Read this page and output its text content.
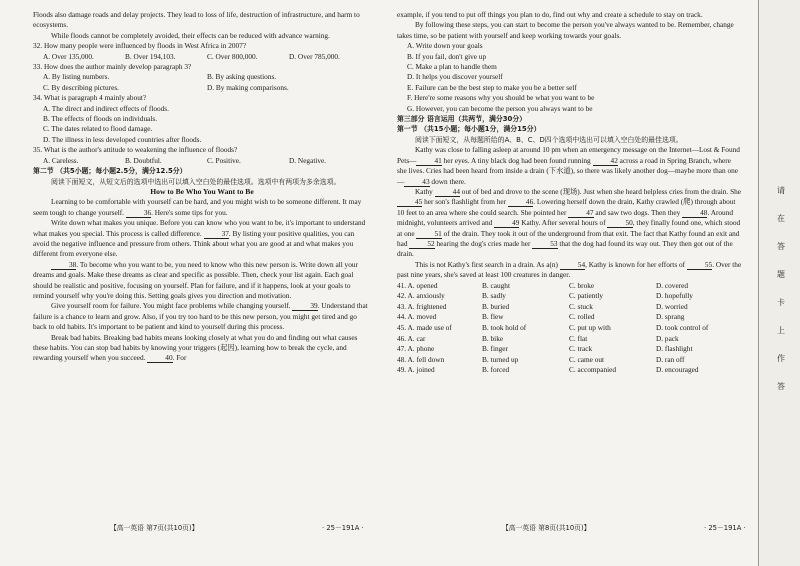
Floods also damage roads and delay projects. They lead to loss of life, destruction of infrastructure, and harm to ecosystems.

While floods cannot be completely avoided, their effects can be reduced with advance warning.

32. How many people were influenced by floods in West Africa in 2007?

A. Over 135,000.	B. Over 194,103.	C. Over 800,000.	D. Over 785,000.

33. How does the author mainly develop paragraph 3?

A. By listing numbers.	B. By asking questions.
C. By describing pictures.	D. By making comparisons.

34. What is paragraph 4 mainly about?

A. The direct and indirect effects of floods.

B. The effects of floods on individuals.

C. The dates related to flood damage.

D. The illness in less developed countries after floods.

35. What is the author's attitude to weakening the influence of floods?

A. Careless.	B. Doubtful.	C. Positive.	D. Negative.

第二节 （共5小题；每小题2.5分，满分12.5分）

阅读下面短文，从短文后的选项中选出可以填入空白处的最佳选项。选项中有两项为多余选项。

How to Be Who You Want to Be

Learning to be comfortable with yourself can be hard, and you might wish to be someone different. It may seem tough to change yourself.	36. Here's some tips for you.

Write down what makes you unique. Before you can know who you want to be, it's important to understand what makes you special. This process is called difference.	37. By listing your positive qualities, you can avoid the negative influence and pressure from others. Think about what you are good at and what makes you different from everyone else.

38. To become who you want to be, you need to know who this new person is. Write down all your dreams and goals. Make these dreams as clear and specific as possible. Then, check your list again. Each goal should be realistic and positive, focusing on yourself. Plan for failure, and if it happens, look at your goals to remind yourself why you're doing this. Setting goals gives you direction and motivation.

Give yourself room for failure. You might face problems while changing yourself.	39. Understand that failure is a chance to learn and grow. Also, if you try too hard to be this new person, you might get tired and go back to old habits. It's important to be patient and kind to yourself during this process.

Break bad habits. Breaking bad habits means looking closely at what you do and finding out what causes these habits. You can stop bad habits by knowing your triggers (起因), learning how to break the cycle, and rewarding yourself when you succeed.	40. For

【高一英语 第7页(共10页)】	· 25－191A ·

example, if you tend to put off things you plan to do, find out why and create a schedule to stay on track.

By following these steps, you can start to become the person you've always wanted to be. Remember, change takes time, so be patient with yourself and keep working towards your goals.

A. Write down your goals

B. If you fail, don't give up

C. Make a plan to handle them

D. It helps you discover yourself

E. Failure can be the best step to make you be a better self

F. Here're some reasons why you should be what you want to be

G. However, you can become the person you always want to be

第三部分 语言运用（共两节，满分30分）

第一节 （共15小题；每小题1分，满分15分）

阅读下面短文，从每题所给的A、B、C、D四个选项中选出可以填入空白处的最佳选项。

Kathy was close to falling asleep at around 10 pm when an emergency message on the Internet—Lost & Found Pets— 41 her eyes. A tiny black dog had been found running	42 across a road in Spring Branch, where she lives. Cries had been heard from inside a drain (下水道), so there was likely another dog—maybe more than one— 43 down there.

Kathy	44 out of bed and drove to the scene (现场). Just when she heard helpless cries from the drain. She 45 her son's flashlight from her	46. Lowering herself down the drain, Kathy crawled (爬) through about 10 feet to an area where she could search. She pointed her	47 and saw two dogs. Then they	48. Around midnight, volunteers arrived and	49 Kathy. After several hours of	50, they finally found one, which stood at one	51 of the drain. They took it out of the underground from that exit. The fact that Kathy found an exit and had	52 hearing the dog's cries made her	53 that the dog had found its way out. They then got out of the drain.

This is not Kathy's first search in a drain. As a(n)	54, Kathy is known for her efforts of	55. Over the past nine years, she's saved at least 100 creatures in danger.

41. A. opened	B. caught	C. broke	D. covered
42. A. anxiously	B. sadly	C. patiently	D. hopefully
43. A. frightened	B. buried	C. stuck	D. worried
44. A. moved	B. flew	C. rolled	D. sprang
45. A. made use of	B. took hold of	C. put up with	D. took control of
46. A. car	B. bike	C. flat	D. pack
47. A. phone	B. finger	C. track	D. flashlight
48. A. fell down	B. turned up	C. came out	D. ran off
49. A. joined	B. forced	C. accompanied	D. encouraged
【高一英语 第8页(共10页)】	· 25－191A ·
请
在
答
题
卡
上
作
答
